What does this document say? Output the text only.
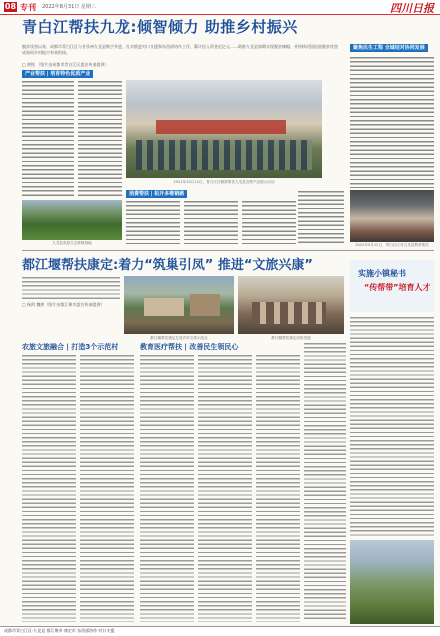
08 专刊 2022年8月31日 星期三	四川日报
青白江帮扶九龙:倾智倾力 助推乡村振兴
脱贫攻坚以来，成都市青白江区与甘孜州九龙县携手并进，扎实推进对口支援和东西部协作工作，累计投入资金近亿元……助推九龙县如期实现脱贫摘帽，并持续巩固拓展脱贫攻坚成果同乡村振兴有效衔接。
□ 黄锐 （图片由成都市青白江区委宣传部提供）
聚焦民生工程 全域结对协同发展
2022年5月12日，青白江区对九龙县教育帮扶
产业帮扶 | 培育特色优质产业
九龙县高原生态种植基地
2021年10月12日，青白江区精准帮扶九龙县农特产品展示活动
消费帮扶 | 拓开多维销路
都江堰帮扶康定:着力“筑巢引凤” 推进“文旅兴康”
□ 杨剑 魏婷（图片由都江堰市委宣传部提供）
都江堰帮扶康定打造乡村文旅示范点	都江堰帮扶康定民宿发展
实施小镇秘书
“传帮带”培育人才
农旅文旅融合 | 打造3个示范村	教育医疗帮扶 | 改善民生领民心
成都市青白江区·九龙县 都江堰市·康定市 东西部协作·对口支援
